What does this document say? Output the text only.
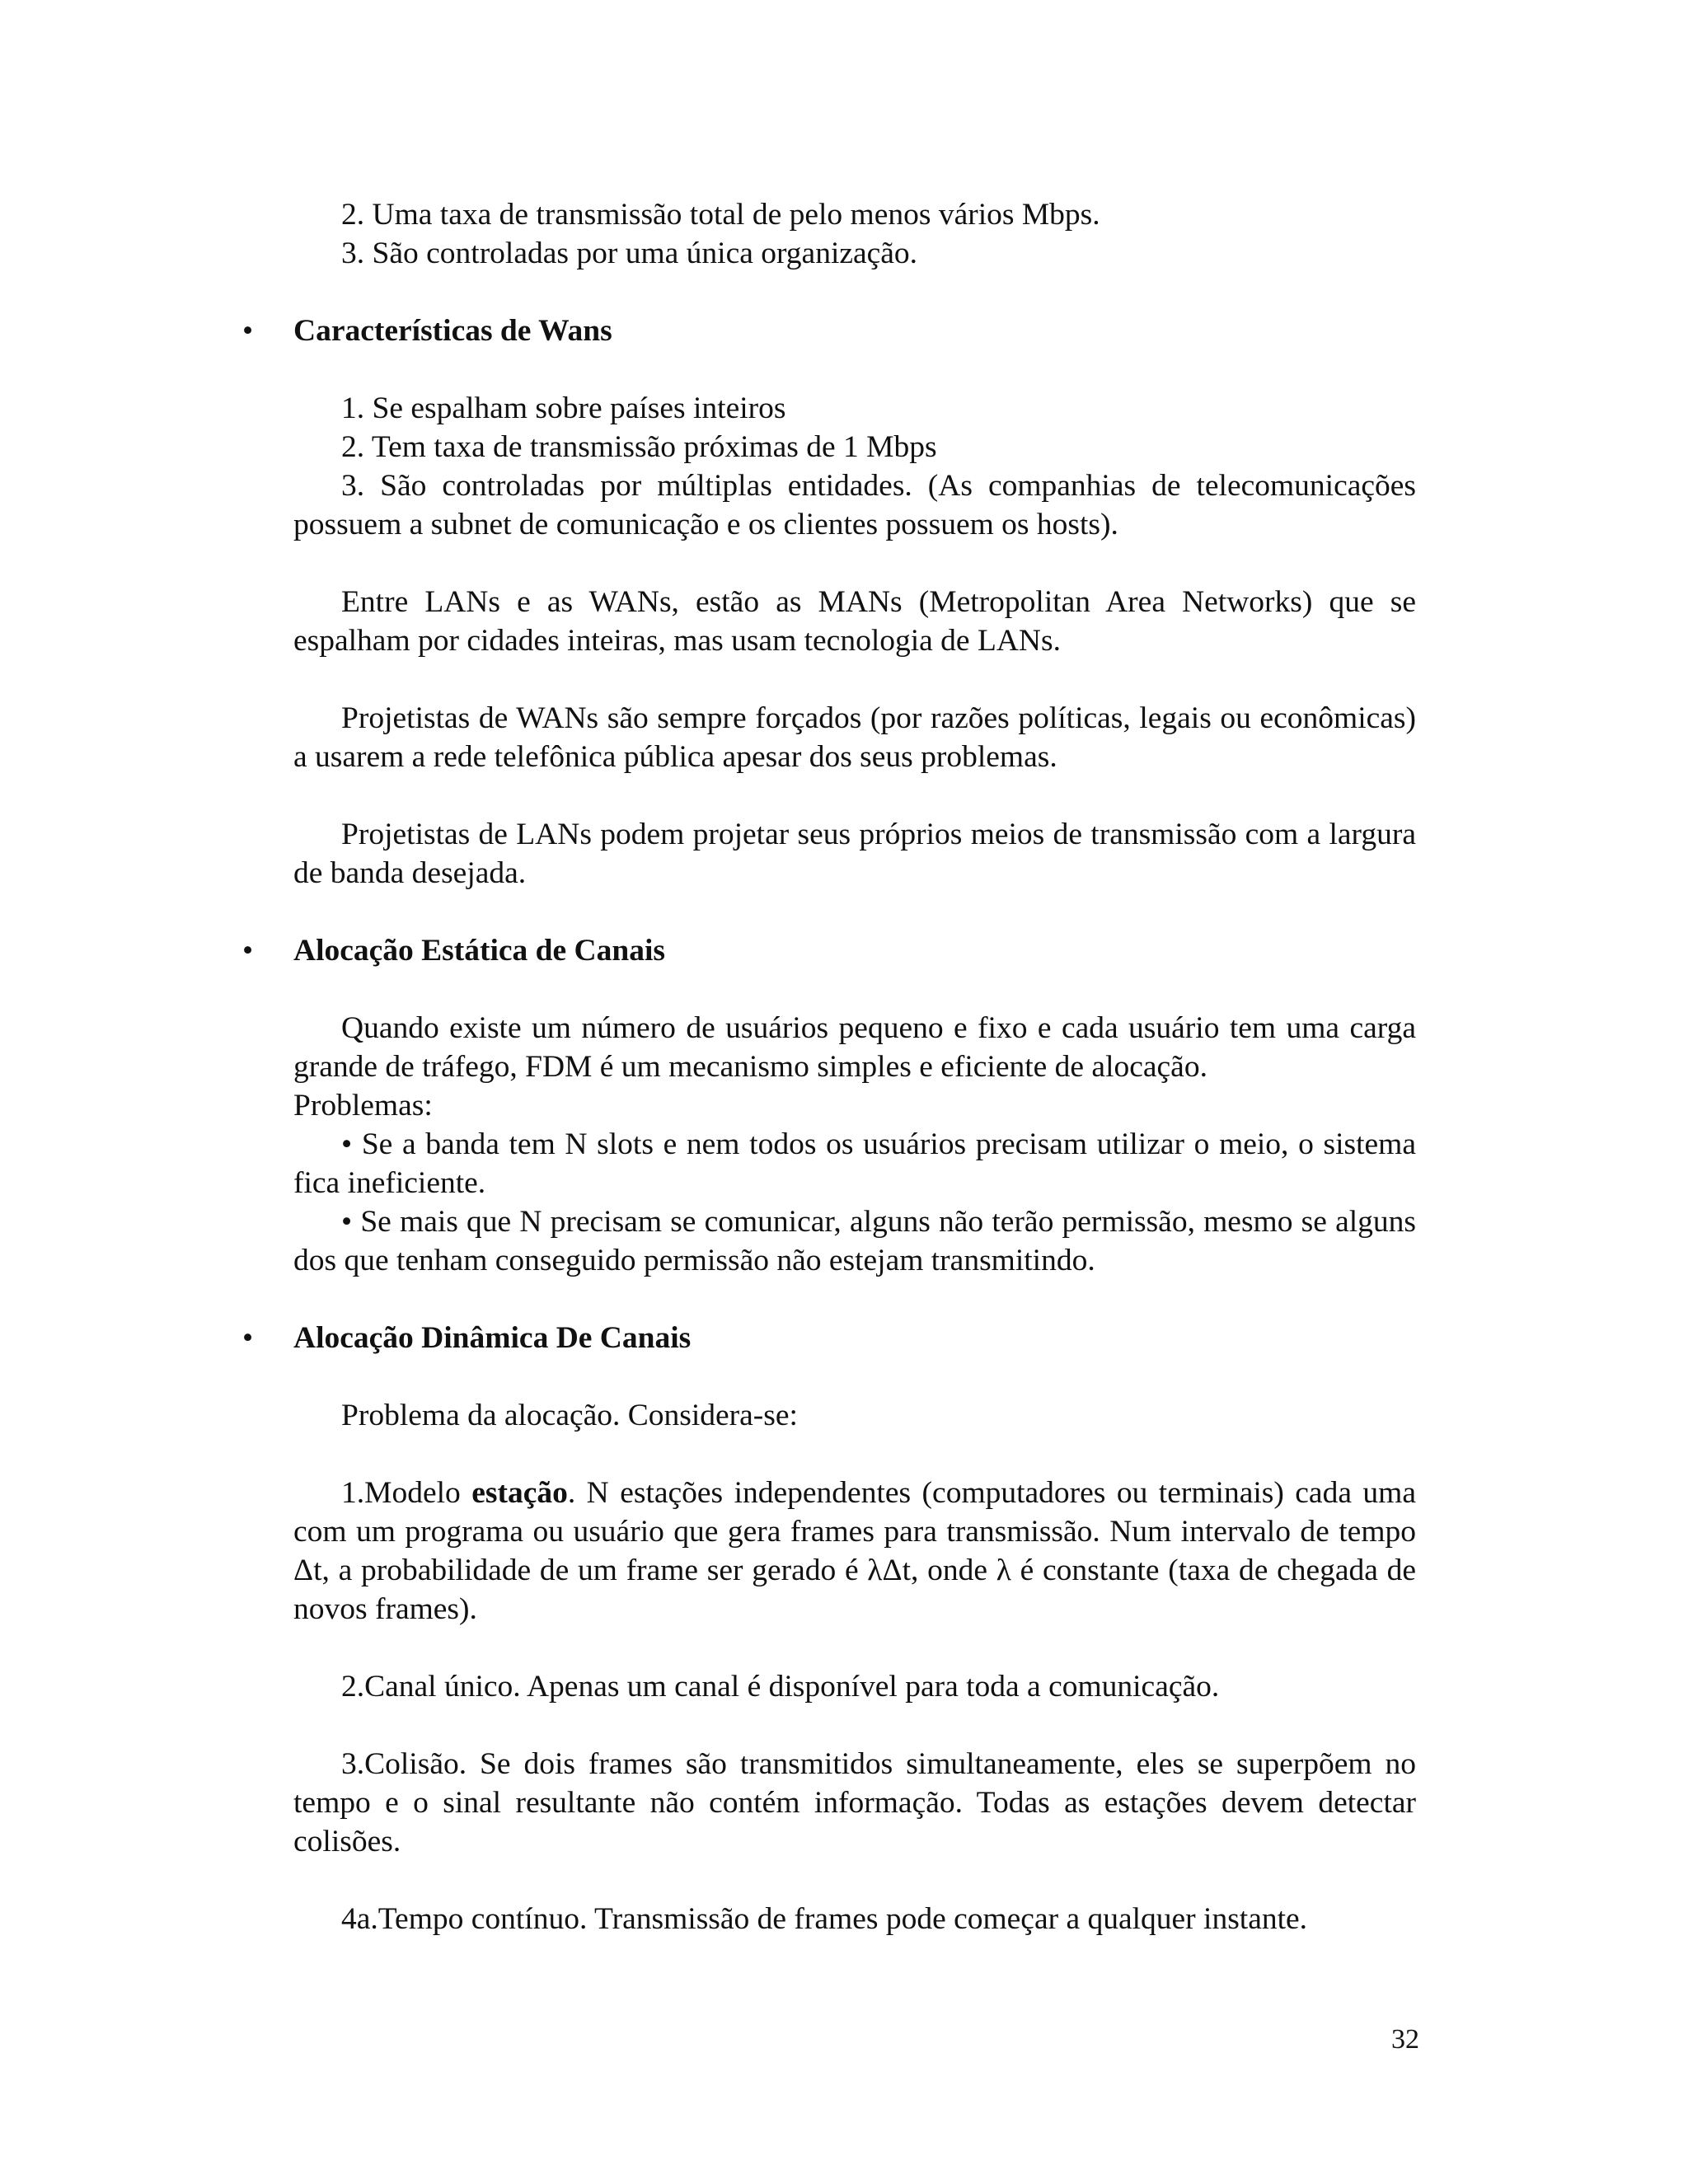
2. Uma taxa de transmissão total de pelo menos vários Mbps.
3. São controladas por uma única organização.
• Características de Wans
1. Se espalham sobre países inteiros
2. Tem taxa de transmissão próximas de 1 Mbps
3. São controladas por múltiplas entidades. (As companhias de telecomunicações possuem a subnet de comunicação e os clientes possuem os hosts).
Entre LANs e as WANs, estão as MANs (Metropolitan Area Networks) que se espalham por cidades inteiras, mas usam tecnologia de LANs.
Projetistas de WANs são sempre forçados (por razões políticas, legais ou econômicas) a usarem a rede telefônica pública apesar dos seus problemas.
Projetistas de LANs podem projetar seus próprios meios de transmissão com a largura de banda desejada.
• Alocação Estática de Canais
Quando existe um número de usuários pequeno e fixo e cada usuário tem uma carga grande de tráfego, FDM é um mecanismo simples e eficiente de alocação.
Problemas:
• Se a banda tem N slots e nem todos os usuários precisam utilizar o meio, o sistema fica ineficiente.
• Se mais que N precisam se comunicar, alguns não terão permissão, mesmo se alguns dos que tenham conseguido permissão não estejam transmitindo.
• Alocação Dinâmica De Canais
Problema da alocação. Considera-se:
1.Modelo estação. N estações independentes (computadores ou terminais) cada uma com um programa ou usuário que gera frames para transmissão. Num intervalo de tempo Δt, a probabilidade de um frame ser gerado é λΔt, onde λ é constante (taxa de chegada de novos frames).
2.Canal único. Apenas um canal é disponível para toda a comunicação.
3.Colisão. Se dois frames são transmitidos simultaneamente, eles se superpõem no tempo e o sinal resultante não contém informação. Todas as estações devem detectar colisões.
4a.Tempo contínuo. Transmissão de frames pode começar a qualquer instante.
32
